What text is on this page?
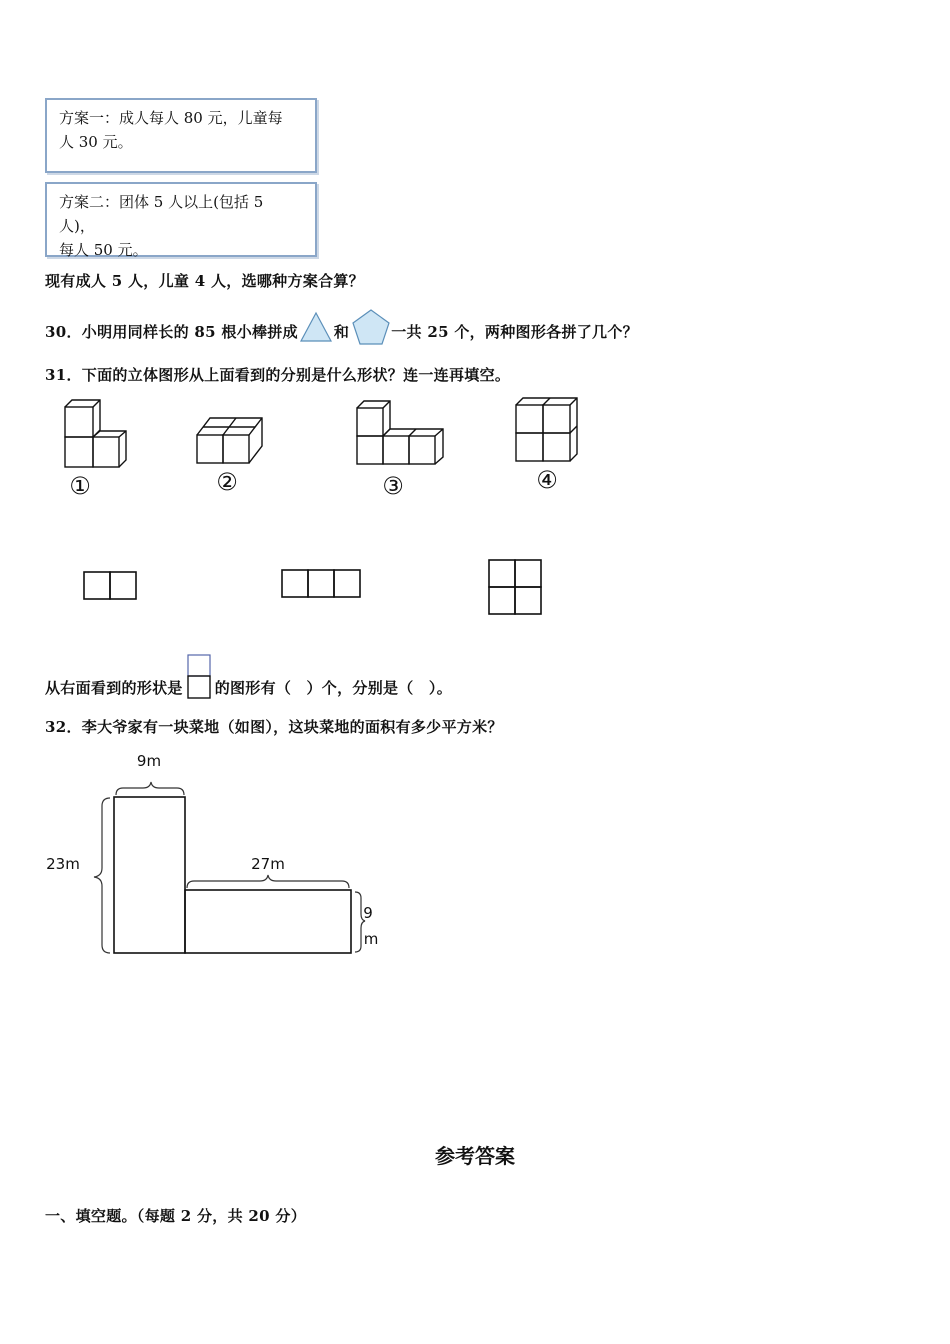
方案一：成人每人 80 元，儿童每
人 30 元。
方案二：团体 5 人以上(包括 5 人)，
每人 50 元。
现有成人 5 人，儿童 4 人，选哪种方案合算？
30．小明用同样长的 85 根小棒拼成 和	一共 25 个，两种图形各拼了几个？
31．下面的立体图形从上面看到的分别是什么形状？连一连再填空。
①	②	③	④
从右面看到的形状是 的图形有（　）个，分别是（　）。
32．李大爷家有一块菜地（如图），这块菜地的面积有多少平方米？
9m
23m	27m
9
m
参考答案
一、填空题。（每题 2 分，共 20 分）
